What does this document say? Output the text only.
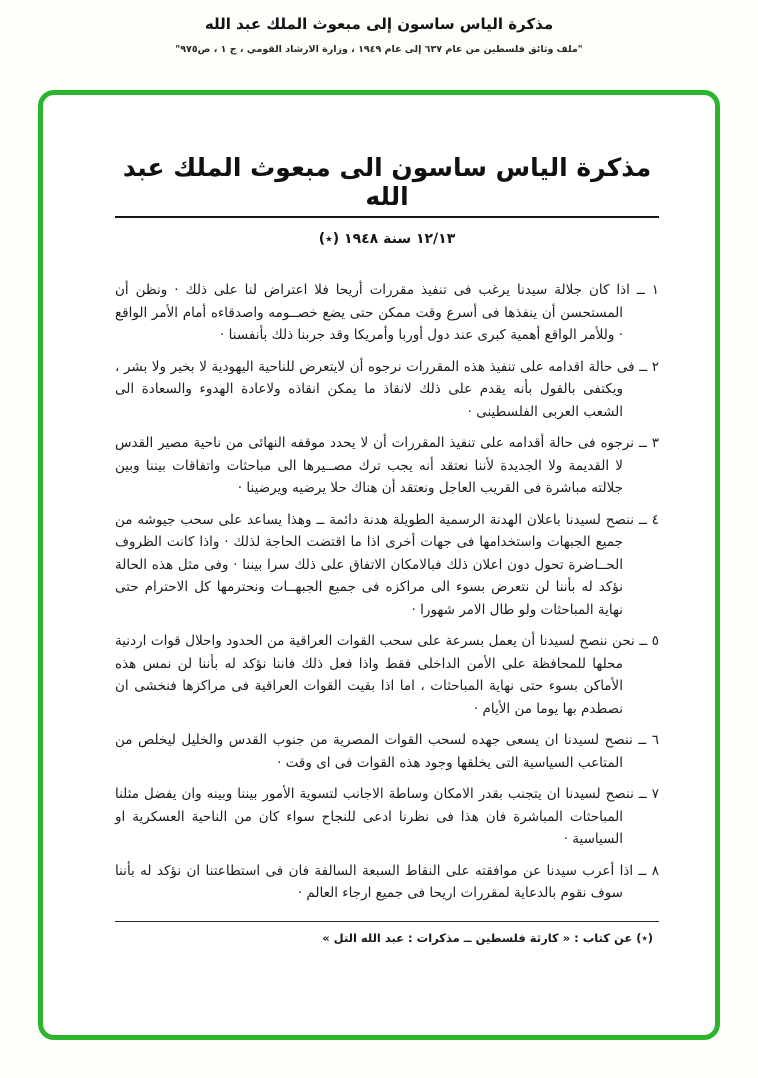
مذكرة الياس ساسون إلى مبعوث الملك عبد الله
"ملف وثائق فلسطين من عام ٦٣٧ إلى عام ١٩٤٩ ، وزارة الارشاد القومي ، ج ١ ، ص٩٧٥"
مذكرة الياس ساسون الى مبعوث الملك عبد الله
١٢/١٣ سنة ١٩٤٨ (٭)
١ ــ اذا كان جلالة سيدنا يرغب فى تنفيذ مقررات أريحا فلا اعتراض لنا على ذلك · ونظن أن المستحسن أن ينفذها فى أسرع وقت ممكن حتى يضع خصــومه واصدقاءه أمام الأمر الواقع · وللأمر الواقع أهمية كبرى عند دول أوربا وأمريكا وقد جربنا ذلك بأنفسنا ·
٢ ــ فى حالة اقدامه على تنفيذ هذه المقررات نرجوه أن لايتعرض للناحية اليهودية لا بخير ولا بشر ، ويكتفى بالقول بأنه يقدم على ذلك لانقاذ ما يمكن انقاذه ولاعادة الهدوء والسعادة الى الشعب العربى الفلسطينى ·
٣ ــ نرجوه فى حالة أقدامه على تنفيذ المقررات أن لا يحدد موقفه النهائى من ناحية مصير القدس لا القديمة ولا الجديدة لأننا نعتقد أنه يجب ترك مصــيرها الى مباحثات واتفاقات بيننا وبين جلالته مباشرة فى القريب العاجل ونعتقد أن هناك حلا يرضيه ويرضينا ·
٤ ــ ننصح لسيدنا باعلان الهدنة الرسمية الطويلة هدنة دائمة ــ وهذا يساعد على سحب جيوشه من جميع الجبهات واستخدامها فى جهات أخرى اذا ما اقتضت الحاجة لذلك · واذا كانت الظروف الحــاضرة تحول دون اعلان ذلك فبالامكان الاتفاق على ذلك سرا بيننا · وفى مثل هذه الحالة نؤكد له بأننا لن نتعرض بسوء الى مراكزه فى جميع الجبهــات ونحترمها كل الاحترام حتى نهاية المباحثات ولو طال الامر شهورا ·
٥ ــ نحن ننصح لسيدنا أن يعمل بسرعة على سحب القوات العراقية من الحدود واحلال قوات اردنية محلها للمحافظة على الأمن الداخلى فقط واذا فعل ذلك فاننا نؤكد له بأننا لن نمس هذه الأماكن بسوء حتى نهاية المباحثات ، اما اذا بقيت القوات العراقية فى مراكزها فنخشى ان نصطدم بها يوما من الأيام ·
٦ ــ ننصح لسيدنا ان يسعى جهده لسحب القوات المصرية من جنوب القدس والخليل ليخلص من المتاعب السياسية التى يخلقها وجود هذه القوات فى اى وقت ·
٧ ــ ننصح لسيدنا ان يتجنب بقدر الامكان وساطة الاجانب لتسوية الأمور بيننا وبينه وان يفضل مثلنا المباحثات المباشرة فان هذا فى نظرنا ادعى للنجاح سواء كان من الناحية العسكرية او السياسية ·
٨ ــ اذا أعرب سيدنا عن موافقته على النقاط السبعة السالفة فان فى استطاعتنا ان نؤكد له بأننا سوف نقوم بالدعاية لمقررات اريحا فى جميع ارجاء العالم ·
(٭) عن كتاب : « كارثة فلسطين ــ مذكرات : عبد الله التل »
